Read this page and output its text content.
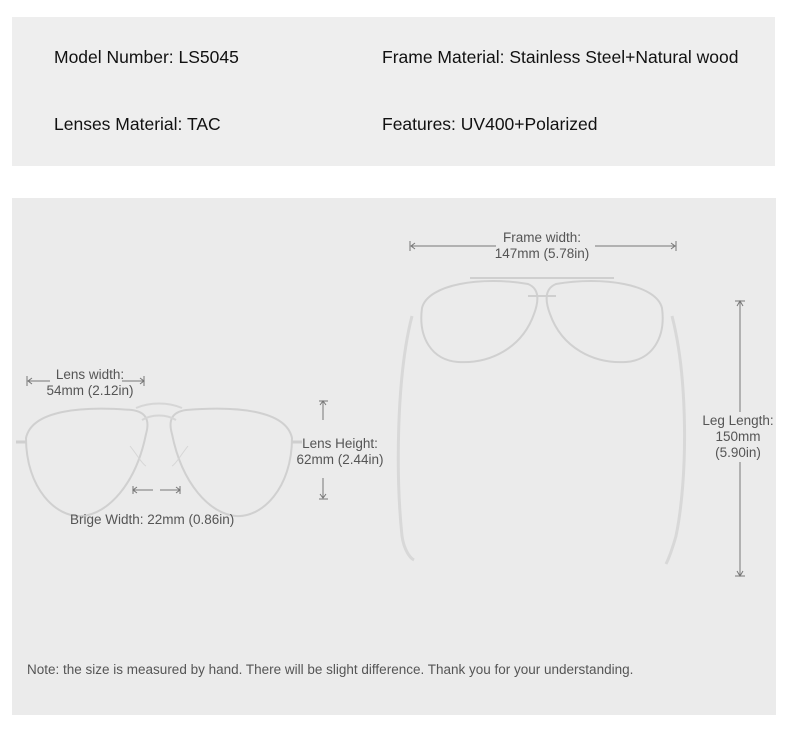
Model Number: LS5045	Frame Material: Stainless Steel+Natural wood
Lenses Material: TAC	Features: UV400+Polarized
Lens width:
54mm (2.12in)
Brige Width: 22mm (0.86in)
Lens Height:
62mm (2.44in)
Frame width:
147mm (5.78in)
Leg Length:
150mm
(5.90in)
Note: the size is measured by hand. There will be slight difference. Thank you for your understanding.
